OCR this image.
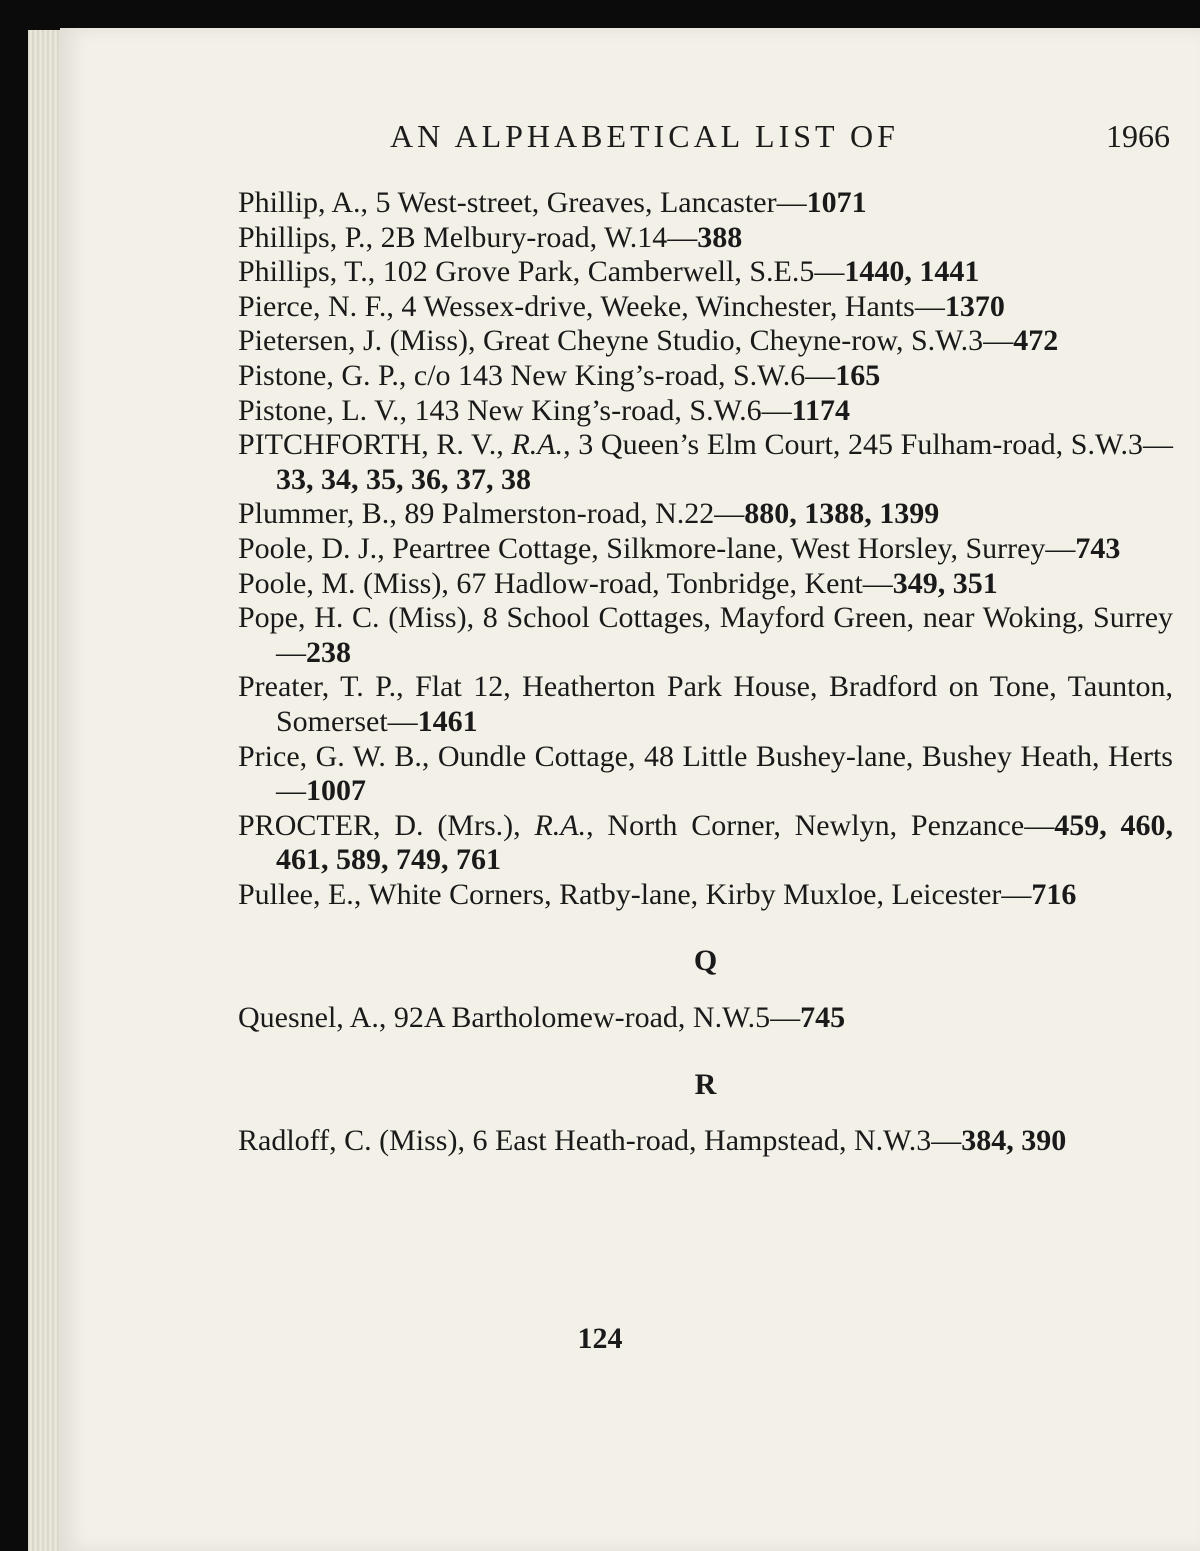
AN ALPHABETICAL LIST OF	1966

Phillip, A., 5 West-street, Greaves, Lancaster—1071

Phillips, P., 2B Melbury-road, W.14—388

Phillips, T., 102 Grove Park, Camberwell, S.E.5—1440, 1441

Pierce, N. F., 4 Wessex-drive, Weeke, Winchester, Hants—1370

Pietersen, J. (Miss), Great Cheyne Studio, Cheyne-row, S.W.3—472

Pistone, G. P., c/o 143 New King’s-road, S.W.6—165

Pistone, L. V., 143 New King’s-road, S.W.6—1174

PITCHFORTH, R. V., R.A., 3 Queen’s Elm Court, 245 Fulham-road, S.W.3—33, 34, 35, 36, 37, 38

Plummer, B., 89 Palmerston-road, N.22—880, 1388, 1399

Poole, D. J., Peartree Cottage, Silkmore-lane, West Horsley, Surrey—743

Poole, M. (Miss), 67 Hadlow-road, Tonbridge, Kent—349, 351

Pope, H. C. (Miss), 8 School Cottages, Mayford Green, near Woking, Surrey—238

Preater, T. P., Flat 12, Heatherton Park House, Bradford on Tone, Taunton, Somerset—1461

Price, G. W. B., Oundle Cottage, 48 Little Bushey-lane, Bushey Heath, Herts—1007

PROCTER, D. (Mrs.), R.A., North Corner, Newlyn, Penzance—459, 460, 461, 589, 749, 761

Pullee, E., White Corners, Ratby-lane, Kirby Muxloe, Leicester—716

Q

Quesnel, A., 92A Bartholomew-road, N.W.5—745

R

Radloff, C. (Miss), 6 East Heath-road, Hampstead, N.W.3—384, 390

124
